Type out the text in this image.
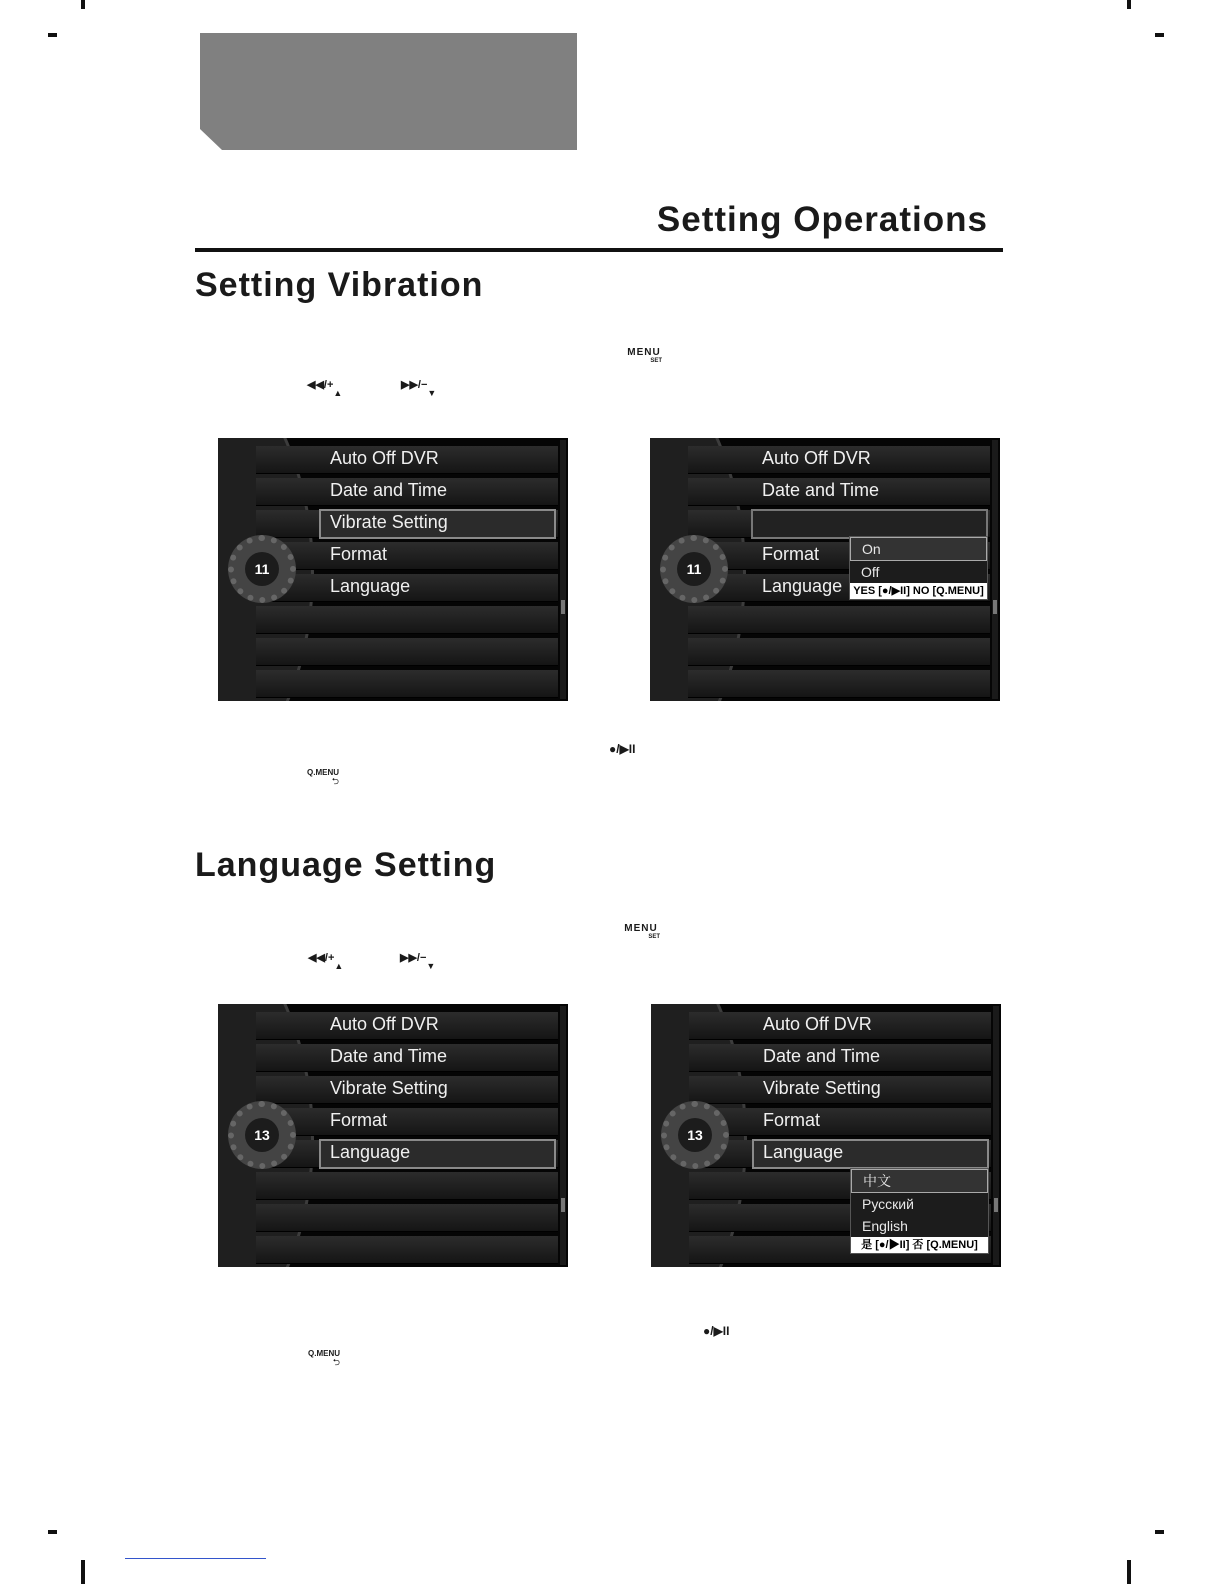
Setting Operations
Setting Vibration
MENU
SET
$◀◀/+_▲$
$▶▶/-_▼$
Auto Off DVR
Date and Time
Vibrate Setting
Format
Language
11
Auto Off DVR
Date and Time
Format
Language
11
On
Off
YES [●/▶II] NO [Q.MENU]
●/▶II
Q.MENU
⮌
Language Setting
MENU
SET
$◀◀/+_▲$
$▶▶/-_▼$
Auto Off DVR
Date and Time
Vibrate Setting
Format
Language
13
Auto Off DVR
Date and Time
Vibrate Setting
Format
Language
13
中文
Русский
English
是 [●/▶II] 否 [Q.MENU]
●/▶II
Q.MENU
⮌
